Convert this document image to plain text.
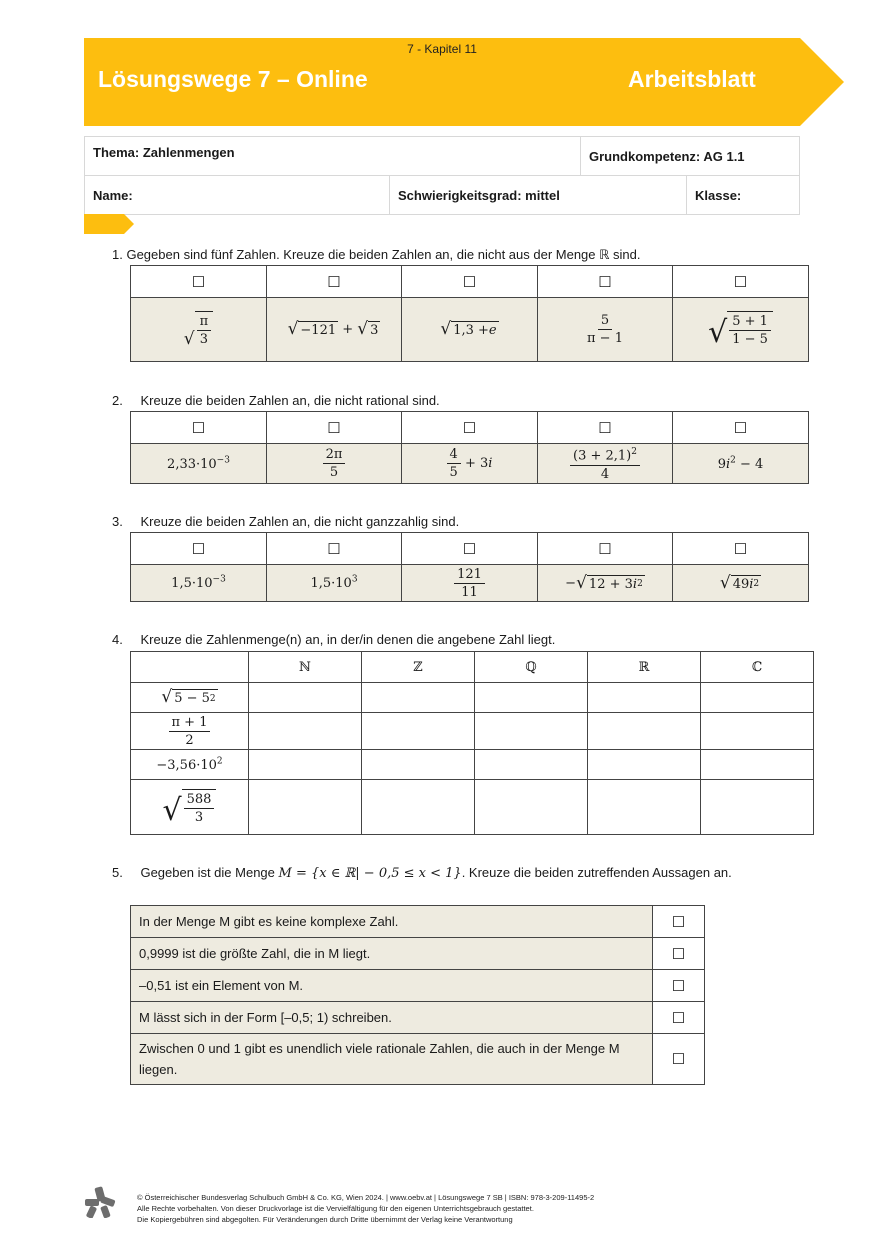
7 - Kapitel 11
Lösungswege 7 – Online	Arbeitsblatt
Thema: Zahlenmengen		Grundkompetenz: AG 1.1	
Name:	Schwierigkeitsgrad: mittel		Klasse:
1. Gegeben sind fünf Zahlen. Kreuze die beiden Zahlen an, die nicht aus der Menge ℝ sind.
☐	☐	☐	☐	☐

√ $\frac{\pi}{3}$	√ −121 + √ 3	√ 1,3 + e	$\frac{5}{\pi - 1}$	√ $\frac{5 + 1}{1 - 5}$
2. Kreuze die beiden Zahlen an, die nicht rational sind.
☐	☐	☐	☐	☐
$2,33\cdot 10^{-3}$	$\frac{2\pi}{5}$	$\frac{4}{5} + 3i$	$\frac{(3 + 2,1)^2}{4}$	$9i^2 - 4$
3. Kreuze die beiden Zahlen an, die nicht ganzzahlig sind.
☐	☐	☐	☐	☐
$1,5\cdot 10^{-3}$	$1,5\cdot 10^3$	$\frac{121}{11}$	− √ 12 + 3 i 2	√ 49 i 2
4. Kreuze die Zahlenmenge(n) an, in der/in denen die angebene Zahl liegt.
	ℕ	ℤ	ℚ	ℝ	ℂ

√ 5 − 5 2					

$\frac{\pi + 1}{2}$

$-3,56\cdot 10^2$					

√ $\frac{588}{3}$

5. Gegeben ist die Menge M = {x ∈ ℝ| − 0,5 ≤ x < 1}. Kreuze die beiden zutreffenden Aussagen an.
In der Menge M gibt es keine komplexe Zahl.	☐
0,9999 ist die größte Zahl, die in M liegt.	☐
–0,51 ist ein Element von M.	☐
M lässt sich in der Form [–0,5; 1) schreiben.	☐
Zwischen 0 und 1 gibt es unendlich viele rationale Zahlen, die auch in der Menge M liegen.	☐
© Österreichischer Bundesverlag Schulbuch GmbH & Co. KG, Wien 2024. | www.oebv.at | Lösungswege 7 SB | ISBN: 978-3-209-11495-2
Alle Rechte vorbehalten. Von dieser Druckvorlage ist die Vervielfältigung für den eigenen Unterrichtsgebrauch gestattet.
Die Kopiergebühren sind abgegolten. Für Veränderungen durch Dritte übernimmt der Verlag keine Verantwortung
